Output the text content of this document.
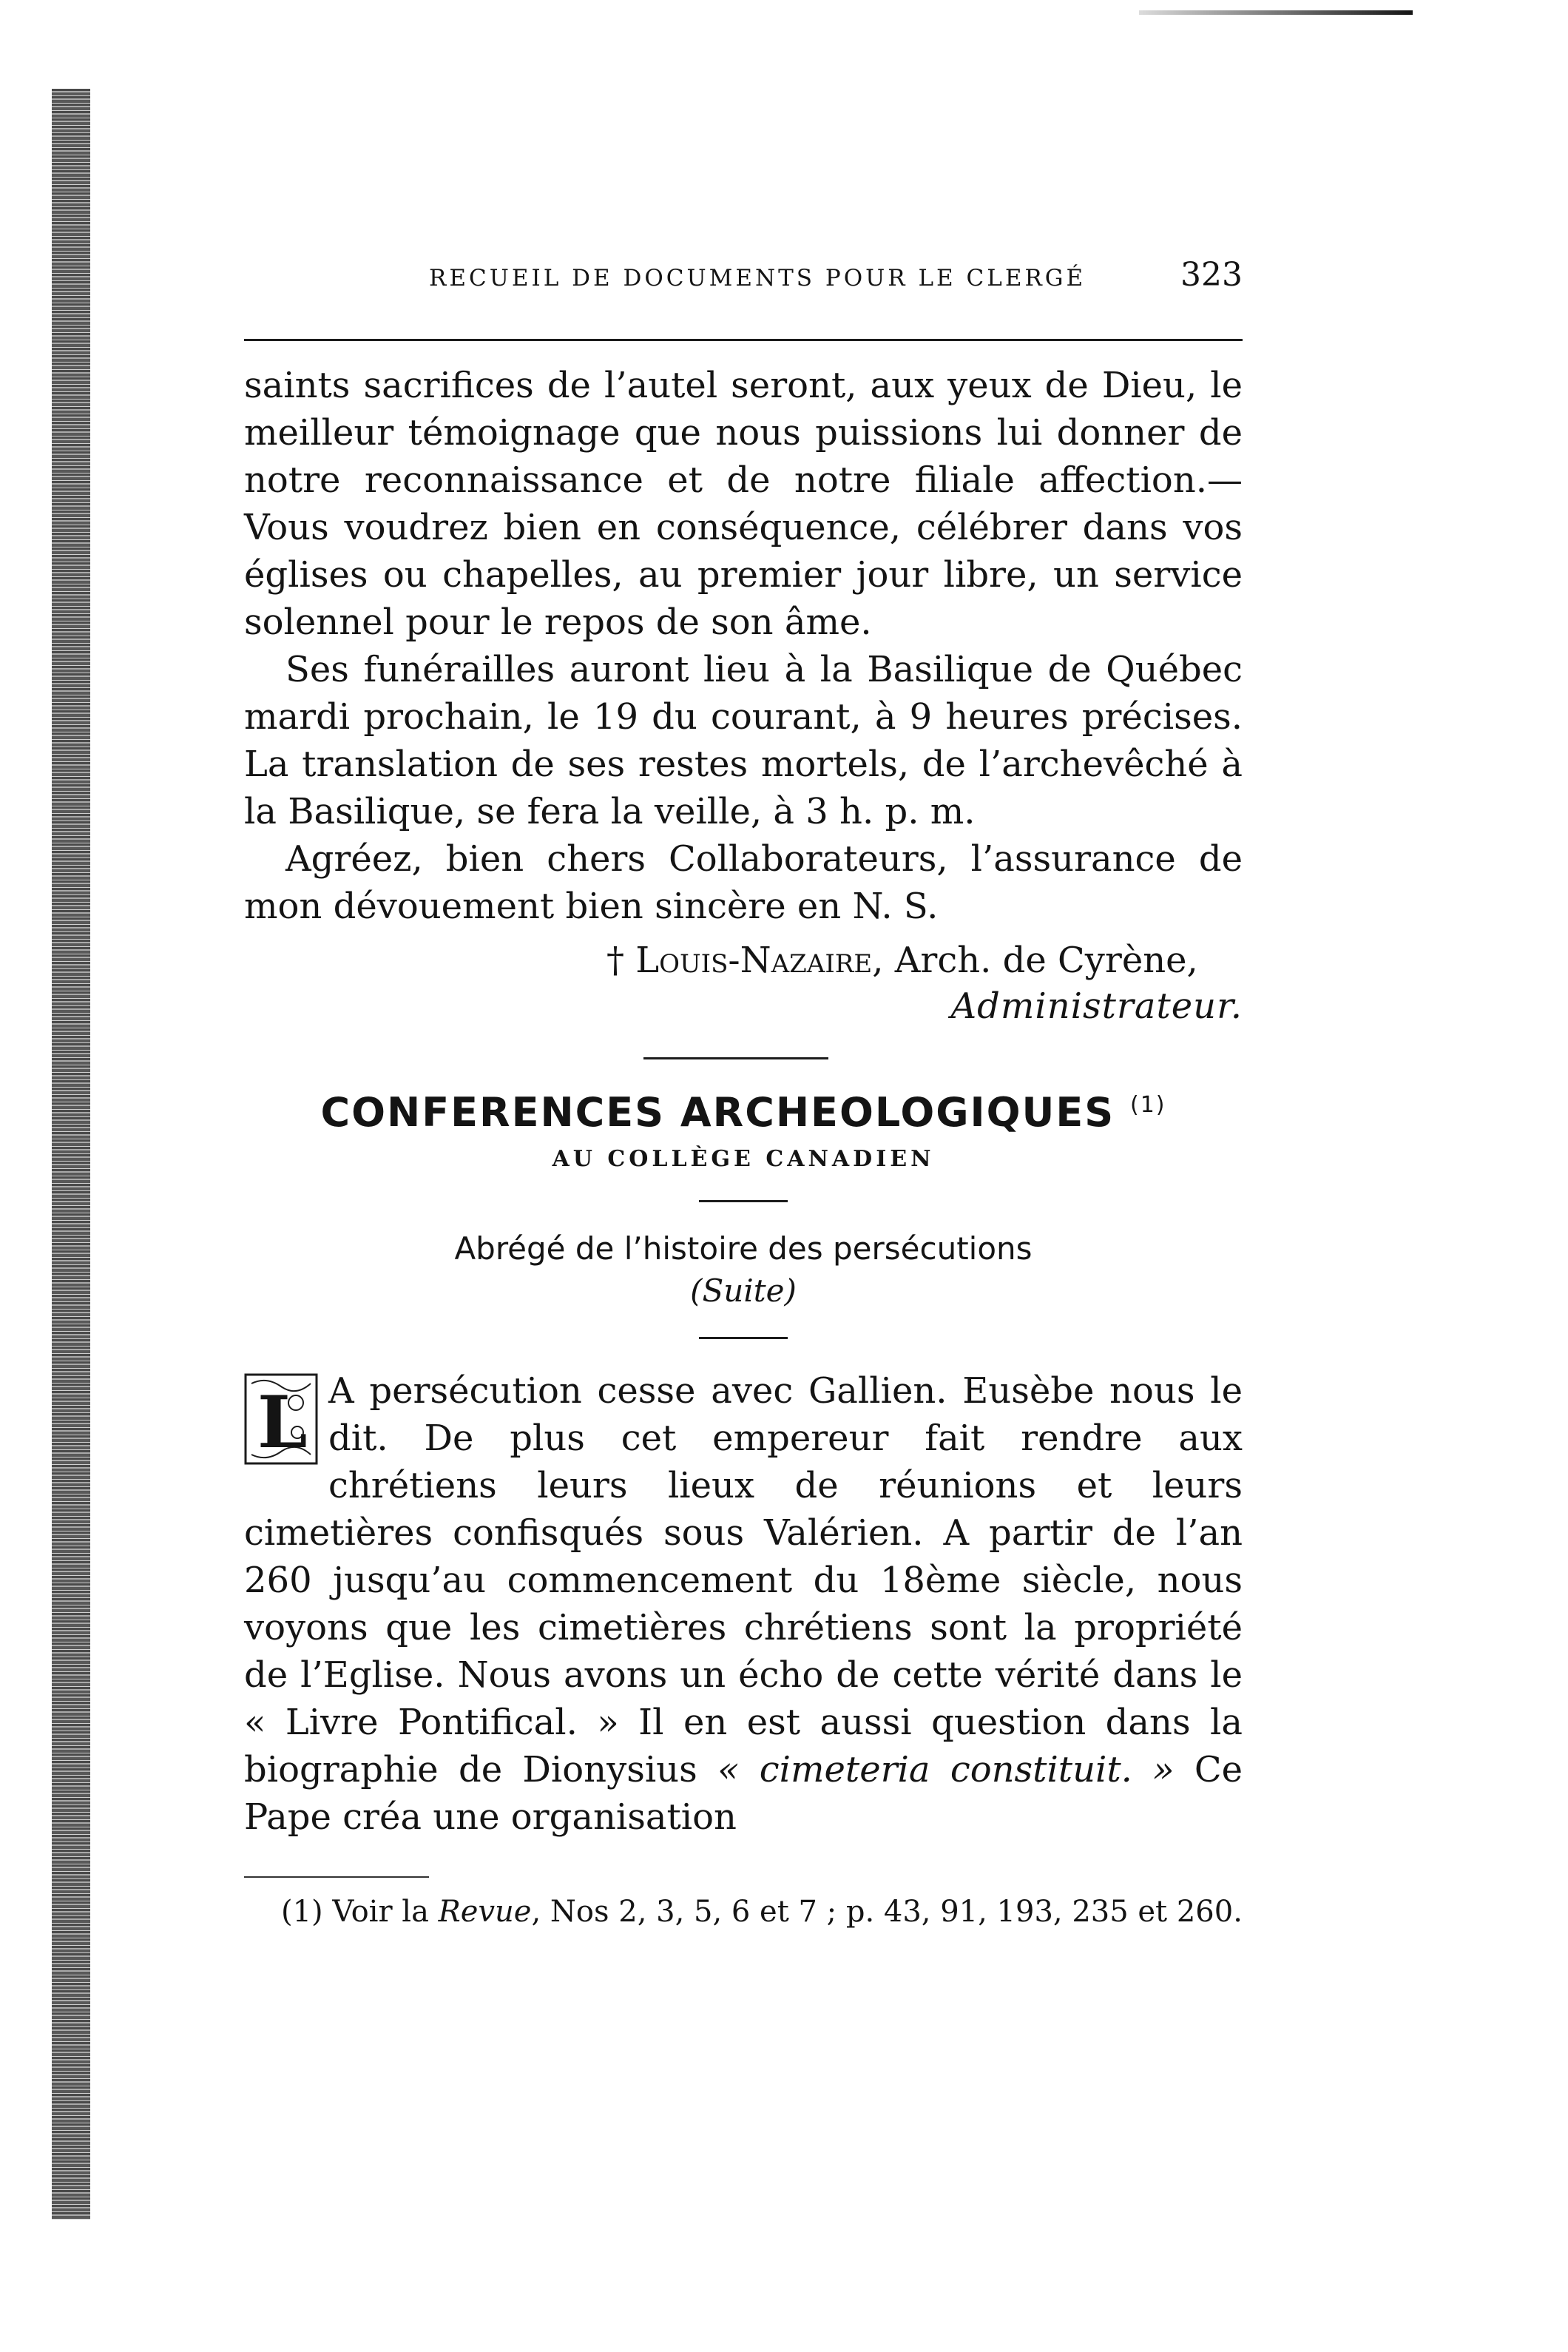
RECUEIL DE DOCUMENTS POUR LE CLERGÉ	323

saints sacrifices de l’autel seront, aux yeux de Dieu, le meilleur témoignage que nous puissions lui donner de notre reconnaissance et de notre filiale affection.—Vous voudrez bien en conséquence, célébrer dans vos églises ou chapelles, au premier jour libre, un service solennel pour le repos de son âme.

Ses funérailles auront lieu à la Basilique de Québec mardi prochain, le 19 du courant, à 9 heures précises. La translation de ses restes mortels, de l’archevêché à la Basilique, se fera la veille, à 3 h. p. m.

Agréez, bien chers Collaborateurs, l’assurance de mon dévouement bien sincère en N. S.

† Louis-Nazaire, Arch. de Cyrène,
Administrateur.
CONFERENCES ARCHEOLOGIQUES $^{(1)}$
AU COLLÈGE CANADIEN
Abrégé de l’histoire des persécutions
(Suite)
L A persécution cesse avec Gallien. Eusèbe nous le dit. De plus cet empereur fait rendre aux chrétiens leurs lieux de réunions et leurs cimetières confisqués sous Valérien. A partir de l’an 260 jusqu’au commencement du 18ème siècle, nous voyons que les cimetières chrétiens sont la propriété de l’Eglise. Nous avons un écho de cette vérité dans le « Livre Pontifical. » Il en est aussi question dans la biographie de Dionysius « cimeteria constituit. » Ce Pape créa une organisation
(1) Voir la Revue, Nos 2, 3, 5, 6 et 7 ; p. 43, 91, 193, 235 et 260.
